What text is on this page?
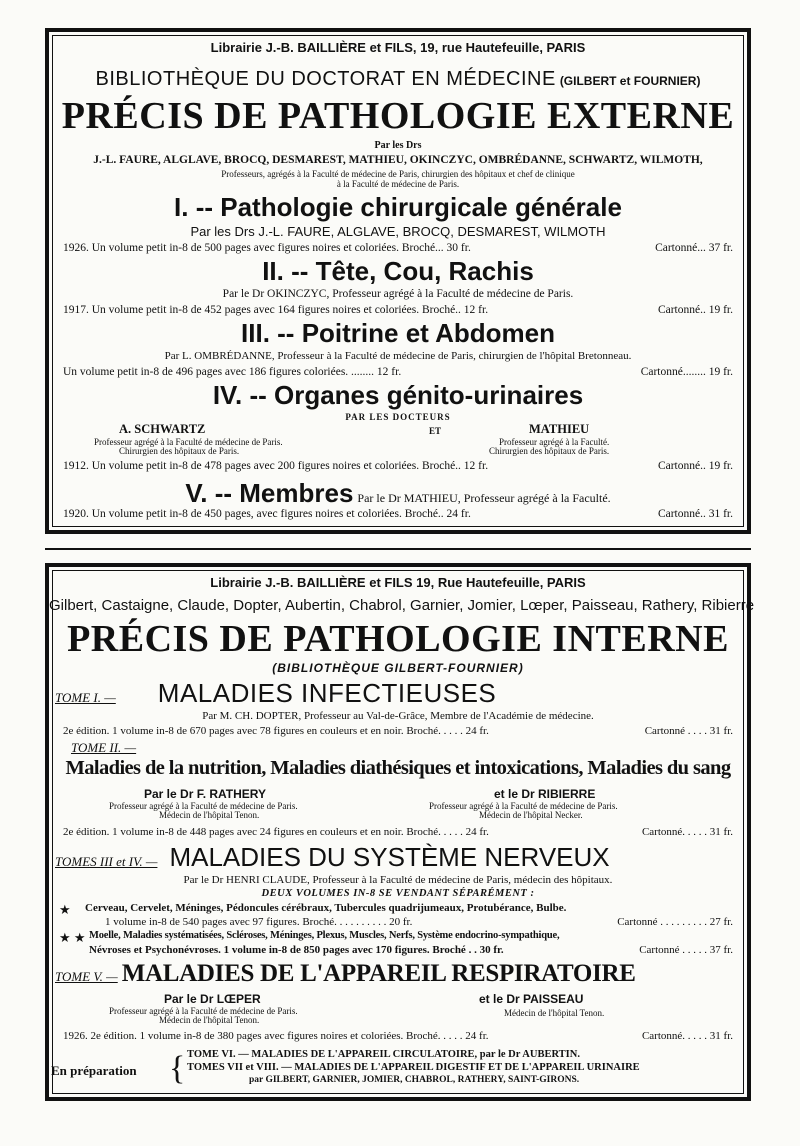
Librairie J.-B. BAILLIÈRE et FILS, 19, rue Hautefeuille, PARIS
BIBLIOTHÈQUE DU DOCTORAT EN MÉDECINE (GILBERT et FOURNIER)
PRÉCIS DE PATHOLOGIE EXTERNE
Par les Drs
J.-L. FAURE, ALGLAVE, BROCQ, DESMAREST, MATHIEU, OKINCZYC, OMBRÉDANNE, SCHWARTZ, WILMOTH,
Professeurs, agrégés à la Faculté de médecine de Paris, chirurgien des hôpitaux et chef de clinique
à la Faculté de médecine de Paris.
I. -- Pathologie chirurgicale générale
Par les Drs J.-L. FAURE, ALGLAVE, BROCQ, DESMAREST, WILMOTH
1926. Un volume petit in-8 de 500 pages avec figures noires et coloriées. Broché... 30 fr.	Cartonné... 37 fr.
II. -- Tête, Cou, Rachis
Par le Dr OKINCZYC, Professeur agrégé à la Faculté de médecine de Paris.
1917. Un volume petit in-8 de 452 pages avec 164 figures noires et coloriées. Broché.. 12 fr.	Cartonné.. 19 fr.
III. -- Poitrine et Abdomen
Par L. OMBRÉDANNE, Professeur à la Faculté de médecine de Paris, chirurgien de l'hôpital Bretonneau.
Un volume petit in-8 de 496 pages avec 186 figures coloriées. ........ 12 fr.	Cartonné........ 19 fr.
IV. -- Organes génito-urinaires
PAR LES DOCTEURS
A. SCHWARTZ	ET	MATHIEU
Professeur agrégé à la Faculté de médecine de Paris.
Chirurgien des hôpitaux de Paris.
Professeur agrégé à la Faculté.
Chirurgien des hôpitaux de Paris.
1912. Un volume petit in-8 de 478 pages avec 200 figures noires et coloriées. Broché.. 12 fr.	Cartonné.. 19 fr.
V. -- Membres Par le Dr MATHIEU, Professeur agrégé à la Faculté.
1920. Un volume petit in-8 de 450 pages, avec figures noires et coloriées. Broché.. 24 fr.	Cartonné.. 31 fr.
Librairie J.-B. BAILLIÈRE et FILS 19, Rue Hautefeuille, PARIS
Gilbert, Castaigne, Claude, Dopter, Aubertin, Chabrol, Garnier, Jomier, Lœper, Paisseau, Rathery, Ribierre
PRÉCIS DE PATHOLOGIE INTERNE
(BIBLIOTHÈQUE GILBERT-FOURNIER)
TOME I. — MALADIES INFECTIEUSES
Par M. CH. DOPTER, Professeur au Val-de-Grâce, Membre de l'Académie de médecine.
2e édition. 1 volume in-8 de 670 pages avec 78 figures en couleurs et en noir. Broché. . . . . 24 fr.	Cartonné . . . . 31 fr.
TOME II. —
Maladies de la nutrition, Maladies diathésiques et intoxications, Maladies du sang
Par le Dr F. RATHERY	et le Dr RIBIERRE
Professeur agrégé à la Faculté de médecine de Paris.
Médecin de l'hôpital Tenon.
Professeur agrégé à la Faculté de médecine de Paris.
Médecin de l'hôpital Necker.
2e édition. 1 volume in-8 de 448 pages avec 24 figures en couleurs et en noir. Broché. . . . . 24 fr.	Cartonné. . . . . 31 fr.
TOMES III et IV. — MALADIES DU SYSTÈME NERVEUX
Par le Dr HENRI CLAUDE, Professeur à la Faculté de médecine de Paris, médecin des hôpitaux.
DEUX VOLUMES IN-8 SE VENDANT SÉPARÉMENT :
★ Cerveau, Cervelet, Méninges, Pédoncules cérébraux, Tubercules quadrijumeaux, Protubérance, Bulbe.
1 volume in-8 de 540 pages avec 97 figures. Broché. . . . . . . . . . 20 fr.	Cartonné . . . . . . . . . 27 fr.
★ ★ Moelle, Maladies systématisées, Scléroses, Méninges, Plexus, Muscles, Nerfs, Système endocrino-sympathique,
Névroses et Psychonévroses. 1 volume in-8 de 850 pages avec 170 figures. Broché . . 30 fr.	Cartonné . . . . . 37 fr.
TOME V. — MALADIES DE L'APPAREIL RESPIRATOIRE
Par le Dr LŒPER	et le Dr PAISSEAU
Professeur agrégé à la Faculté de médecine de Paris.
Médecin de l'hôpital Tenon.
Médecin de l'hôpital Tenon.
1926. 2e édition. 1 volume in-8 de 380 pages avec figures noires et coloriées. Broché. . . . . 24 fr.	Cartonné. . . . . 31 fr.
En préparation { TOME VI. — MALADIES DE L'APPAREIL CIRCULATOIRE, par le Dr AUBERTIN.
TOMES VII et VIII. — MALADIES DE L'APPAREIL DIGESTIF ET DE L'APPAREIL URINAIRE
par GILBERT, GARNIER, JOMIER, CHABROL, RATHERY, SAINT-GIRONS.
